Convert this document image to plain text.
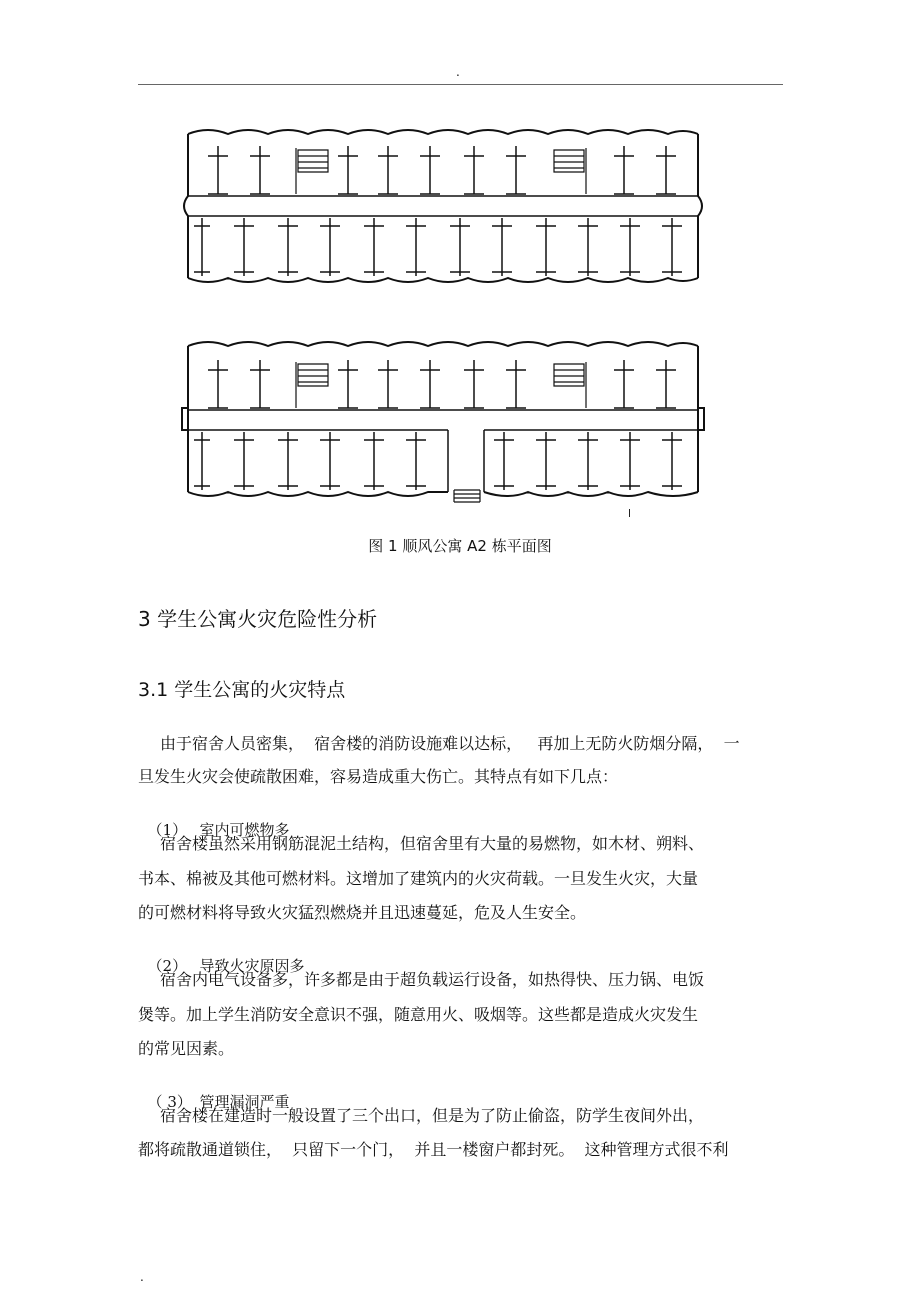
.
图 1 顺风公寓 A2 栋平面图
3 学生公寓火灾危险性分析
3.1 学生公寓的火灾特点
由于宿舍人员密集，  宿舍楼的消防设施难以达标，   再加上无防火防烟分隔，  一
旦发生火灾会使疏散困难，容易造成重大伤亡。其特点有如下几点：

（1） 室内可燃物多

宿舍楼虽然采用钢筋混泥土结构，但宿舍里有大量的易燃物，如木材、朔料、
书本、棉被及其他可燃材料。这增加了建筑内的火灾荷载。一旦发生火灾，大量
的可燃材料将导致火灾猛烈燃烧并且迅速蔓延，危及人生安全。

（2） 导致火灾原因多

宿舍内电气设备多，许多都是由于超负载运行设备，如热得快、压力锅、电饭
煲等。加上学生消防安全意识不强，随意用火、吸烟等。这些都是造成火灾发生
的常见因素。

（ 3） 管理漏洞严重

宿舍楼在建造时一般设置了三个出口，但是为了防止偷盗，防学生夜间外出，
都将疏散通道锁住，  只留下一个门，  并且一楼窗户都封死。  这种管理方式很不利
.
